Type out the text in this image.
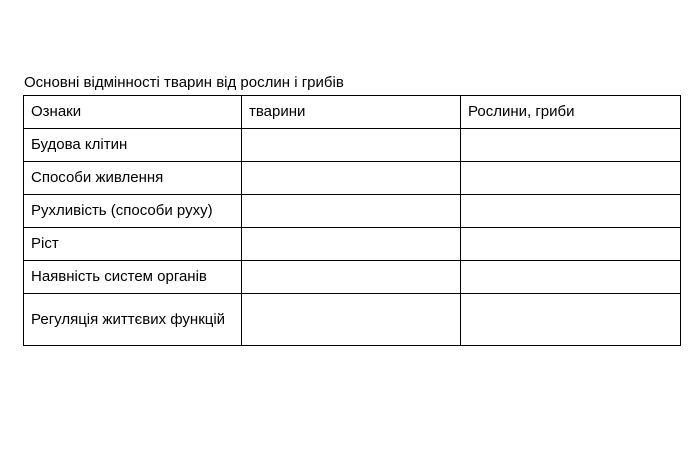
Основні відмінності тварин від рослин і грибів
Ознаки	тварини	Рослини, гриби
Будова клітин		
Способи живлення		
Рухливість (способи руху)		
Ріст		
Наявність систем органів		
Регуляція життєвих функцій		
